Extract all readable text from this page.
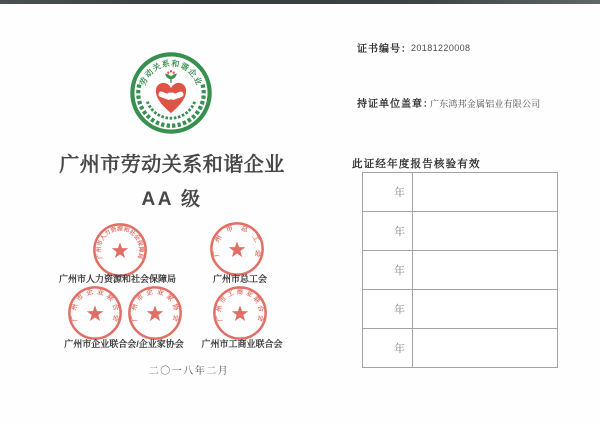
劳动关系和谐企业
广州市劳动关系和谐企业
AA 级
广州市人力资源和社会保障局	广州市总工会
广州市企业联合会	广州市企业家协会	广州市工商业联合会
广州市人力资源和社会保障局	广州市总工会
广州市企业联合会/企业家协会	广州市工商业联合会
二〇一八年二月
证书编号： 20181220008
持证单位盖章：
广东鸿邦金属铝业有限公司
此证经年度报告核验有效
年
年
年
年
年
